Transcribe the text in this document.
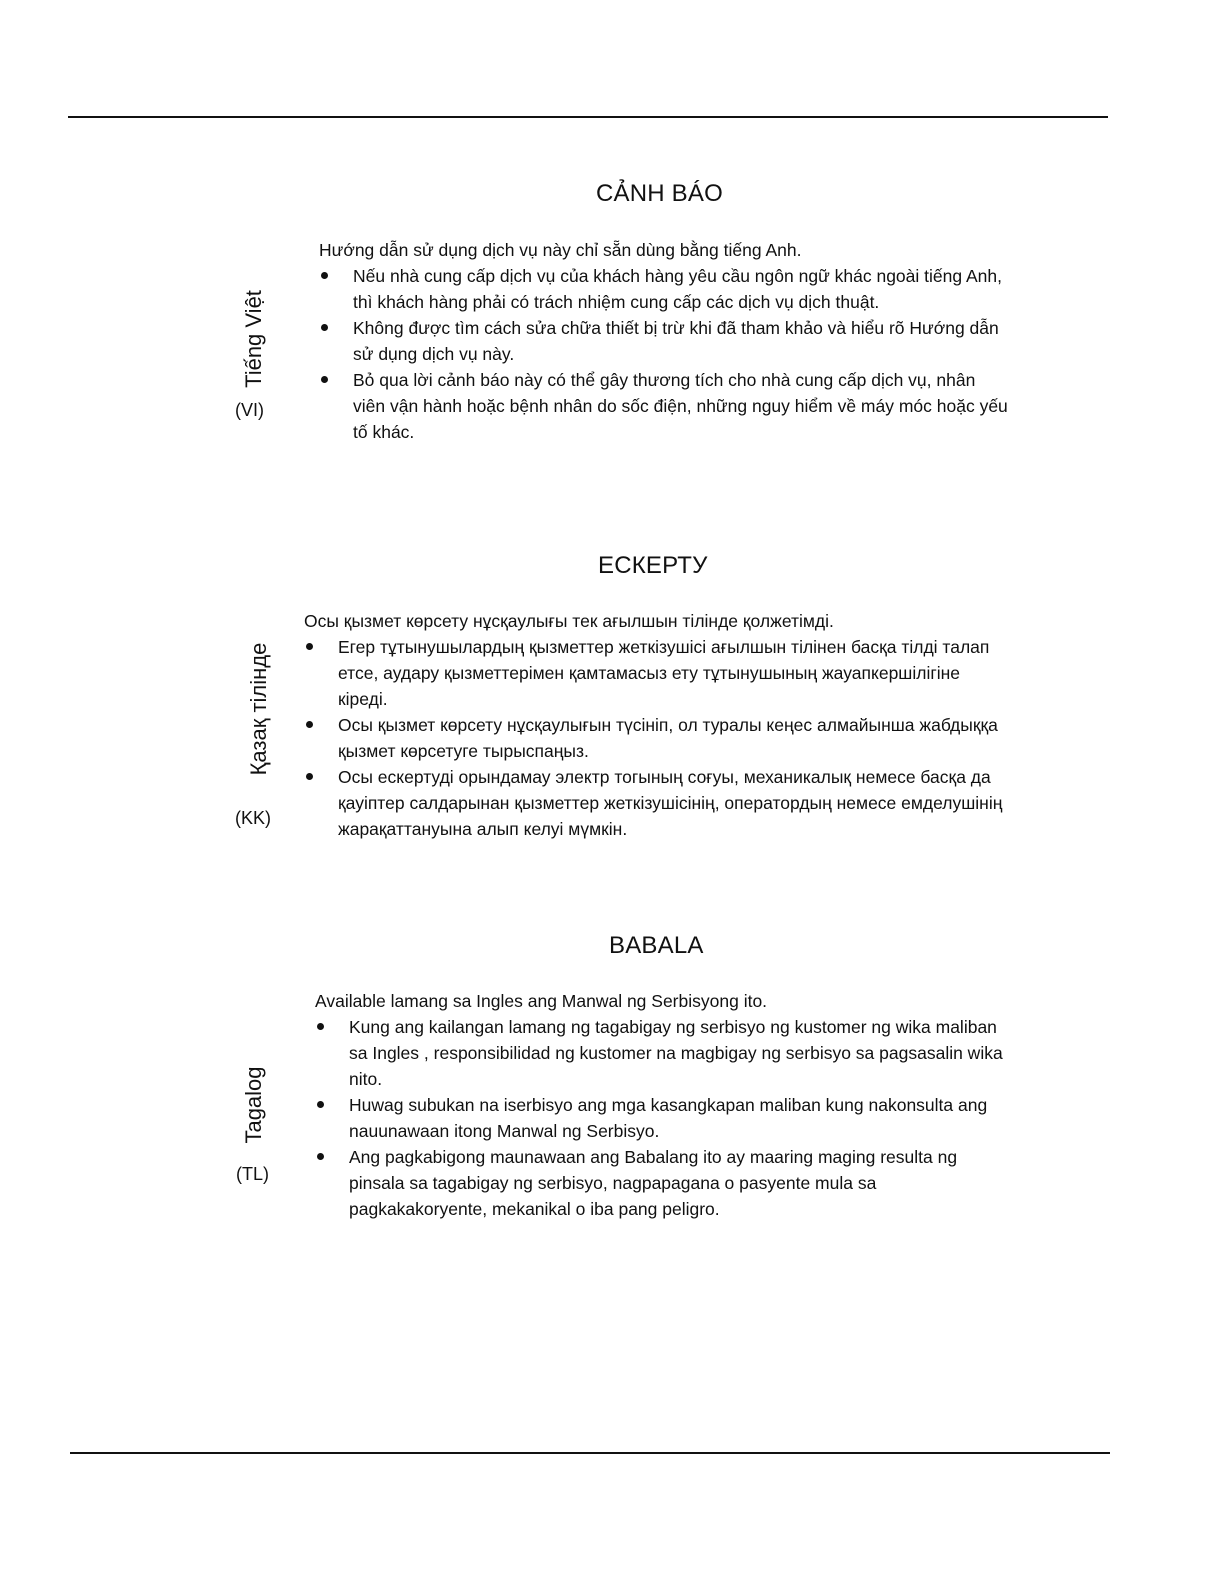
CẢNH BÁO
Tiếng Việt
(VI)

Hướng dẫn sử dụng dịch vụ này chỉ sẵn dùng bằng tiếng Anh.

Nếu nhà cung cấp dịch vụ của khách hàng yêu cầu ngôn ngữ khác ngoài tiếng Anh, thì khách hàng phải có trách nhiệm cung cấp các dịch vụ dịch thuật.
Không được tìm cách sửa chữa thiết bị trừ khi đã tham khảo và hiểu rõ Hướng dẫn sử dụng dịch vụ này.
Bỏ qua lời cảnh báo này có thể gây thương tích cho nhà cung cấp dịch vụ, nhân viên vận hành hoặc bệnh nhân do sốc điện, những nguy hiểm về máy móc hoặc yếu tố khác.
ЕСКЕРТУ
Қазақ тілінде
(KK)

Осы қызмет көрсету нұсқаулығы тек ағылшын тілінде қолжетімді.

Егер тұтынушылардың қызметтер жеткізушісі ағылшын тілінен басқа тілді талап етсе, аудару қызметтерімен қамтамасыз ету тұтынушының жауапкершілігіне кіреді.
Осы қызмет көрсету нұсқаулығын түсініп, ол туралы кеңес алмайынша жабдыққа қызмет көрсетуге тырыспаңыз.
Осы ескертуді орындамау электр тогының соғуы, механикалық немесе басқа да қауіптер салдарынан қызметтер жеткізушісінің, оператордың немесе емделушінің жарақаттануына алып келуі мүмкін.
BABALA
Tagalog
(TL)

Available lamang sa Ingles ang Manwal ng Serbisyong ito.

Kung ang kailangan lamang ng tagabigay ng serbisyo ng kustomer ng wika maliban sa Ingles , responsibilidad ng kustomer na magbigay ng serbisyo sa pagsasalin wika nito.
Huwag subukan na iserbisyo ang mga kasangkapan maliban kung nakonsulta ang nauunawaan itong Manwal ng Serbisyo.
Ang pagkabigong maunawaan ang Babalang ito ay maaring maging resulta ng pinsala sa tagabigay ng serbisyo, nagpapagana o pasyente mula sa pagkakakoryente, mekanikal o iba pang peligro.
